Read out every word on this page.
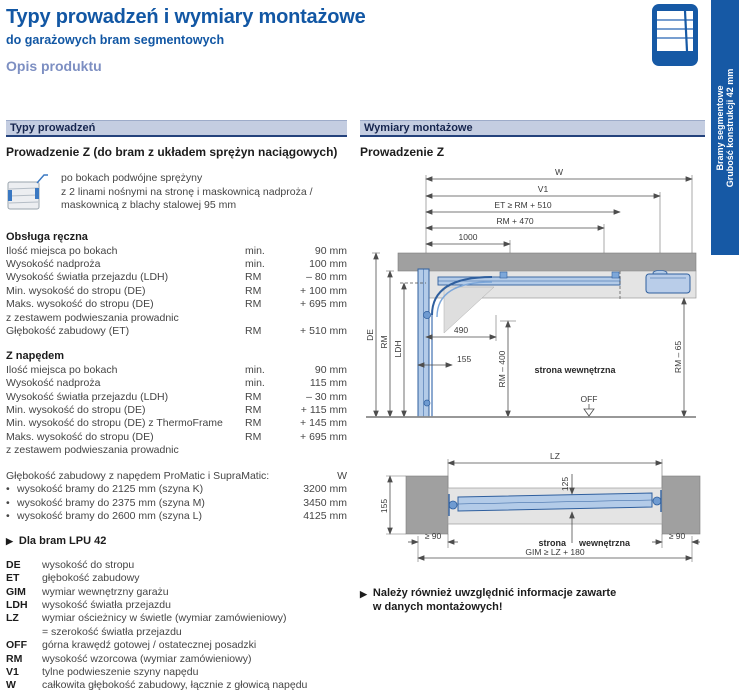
Typy prowadzeń i wymiary montażowe
do garażowych bram segmentowych
Opis produktu
Bramy segmentowe Grubość konstrukcji 42 mm
Typy prowadzeń
Prowadzenie Z (do bram z układem sprężyn naciągowych)
po bokach podwójne sprężyny
z 2 linami nośnymi na stronę i maskownicą nadproża /
maskownicą z blachy stalowej 95 mm
Obsługa ręczna
Ilość miejsca po bokach	min.	90 mm
Wysokość nadproża	min.	100 mm
Wysokość światła przejazdu (LDH)	RM	– 80 mm
Min. wysokość do stropu (DE)	RM	+ 100 mm
Maks. wysokość do stropu (DE)	RM	+ 695 mm
z zestawem podwieszania prowadnic
Głębokość zabudowy (ET)	RM	+ 510 mm
Z napędem
Ilość miejsca po bokach	min.	90 mm
Wysokość nadproża	min.	115 mm
Wysokość światła przejazdu (LDH)	RM	– 30 mm
Min. wysokość do stropu (DE)	RM	+ 115 mm
Min. wysokość do stropu (DE) z ThermoFrame	RM	+ 145 mm
Maks. wysokość do stropu (DE)	RM	+ 695 mm
z zestawem podwieszania prowadnic
Głębokość zabudowy z napędem ProMatic i SupraMatic:	W
• wysokość bramy do 2125 mm (szyna K)	3200 mm
• wysokość bramy do 2375 mm (szyna M)	3450 mm
• wysokość bramy do 2600 mm (szyna L)	4125 mm
▶ Dla bram LPU 42
DE	wysokość do stropu
ET	głębokość zabudowy
GIM	wymiar wewnętrzny garażu
LDH	wysokość światła przejazdu
LZ	wymiar ościeżnicy w świetle (wymiar zamówieniowy)
= szerokość światła przejazdu
OFF	górna krawędź gotowej / ostatecznej posadzki
RM	wysokość wzorcowa (wymiar zamówieniowy)
V1	tylne podwieszenie szyny napędu
W	całkowita głębokość zabudowy, łącznie z głowicą napędu
Wymiary montażowe
Prowadzenie Z
W
V1
ET ≥ RM + 510
RM + 470
1000
490
155
DE
RM LDH
RM – 400	RM – 65
strona wewnętrzna
OFF

LZ
155
125
strona wewnętrzna
≥ 90	≥ 90
GIM ≥ LZ + 180
▶ Należy również uwzględnić informacje zawarte
w danych montażowych!
